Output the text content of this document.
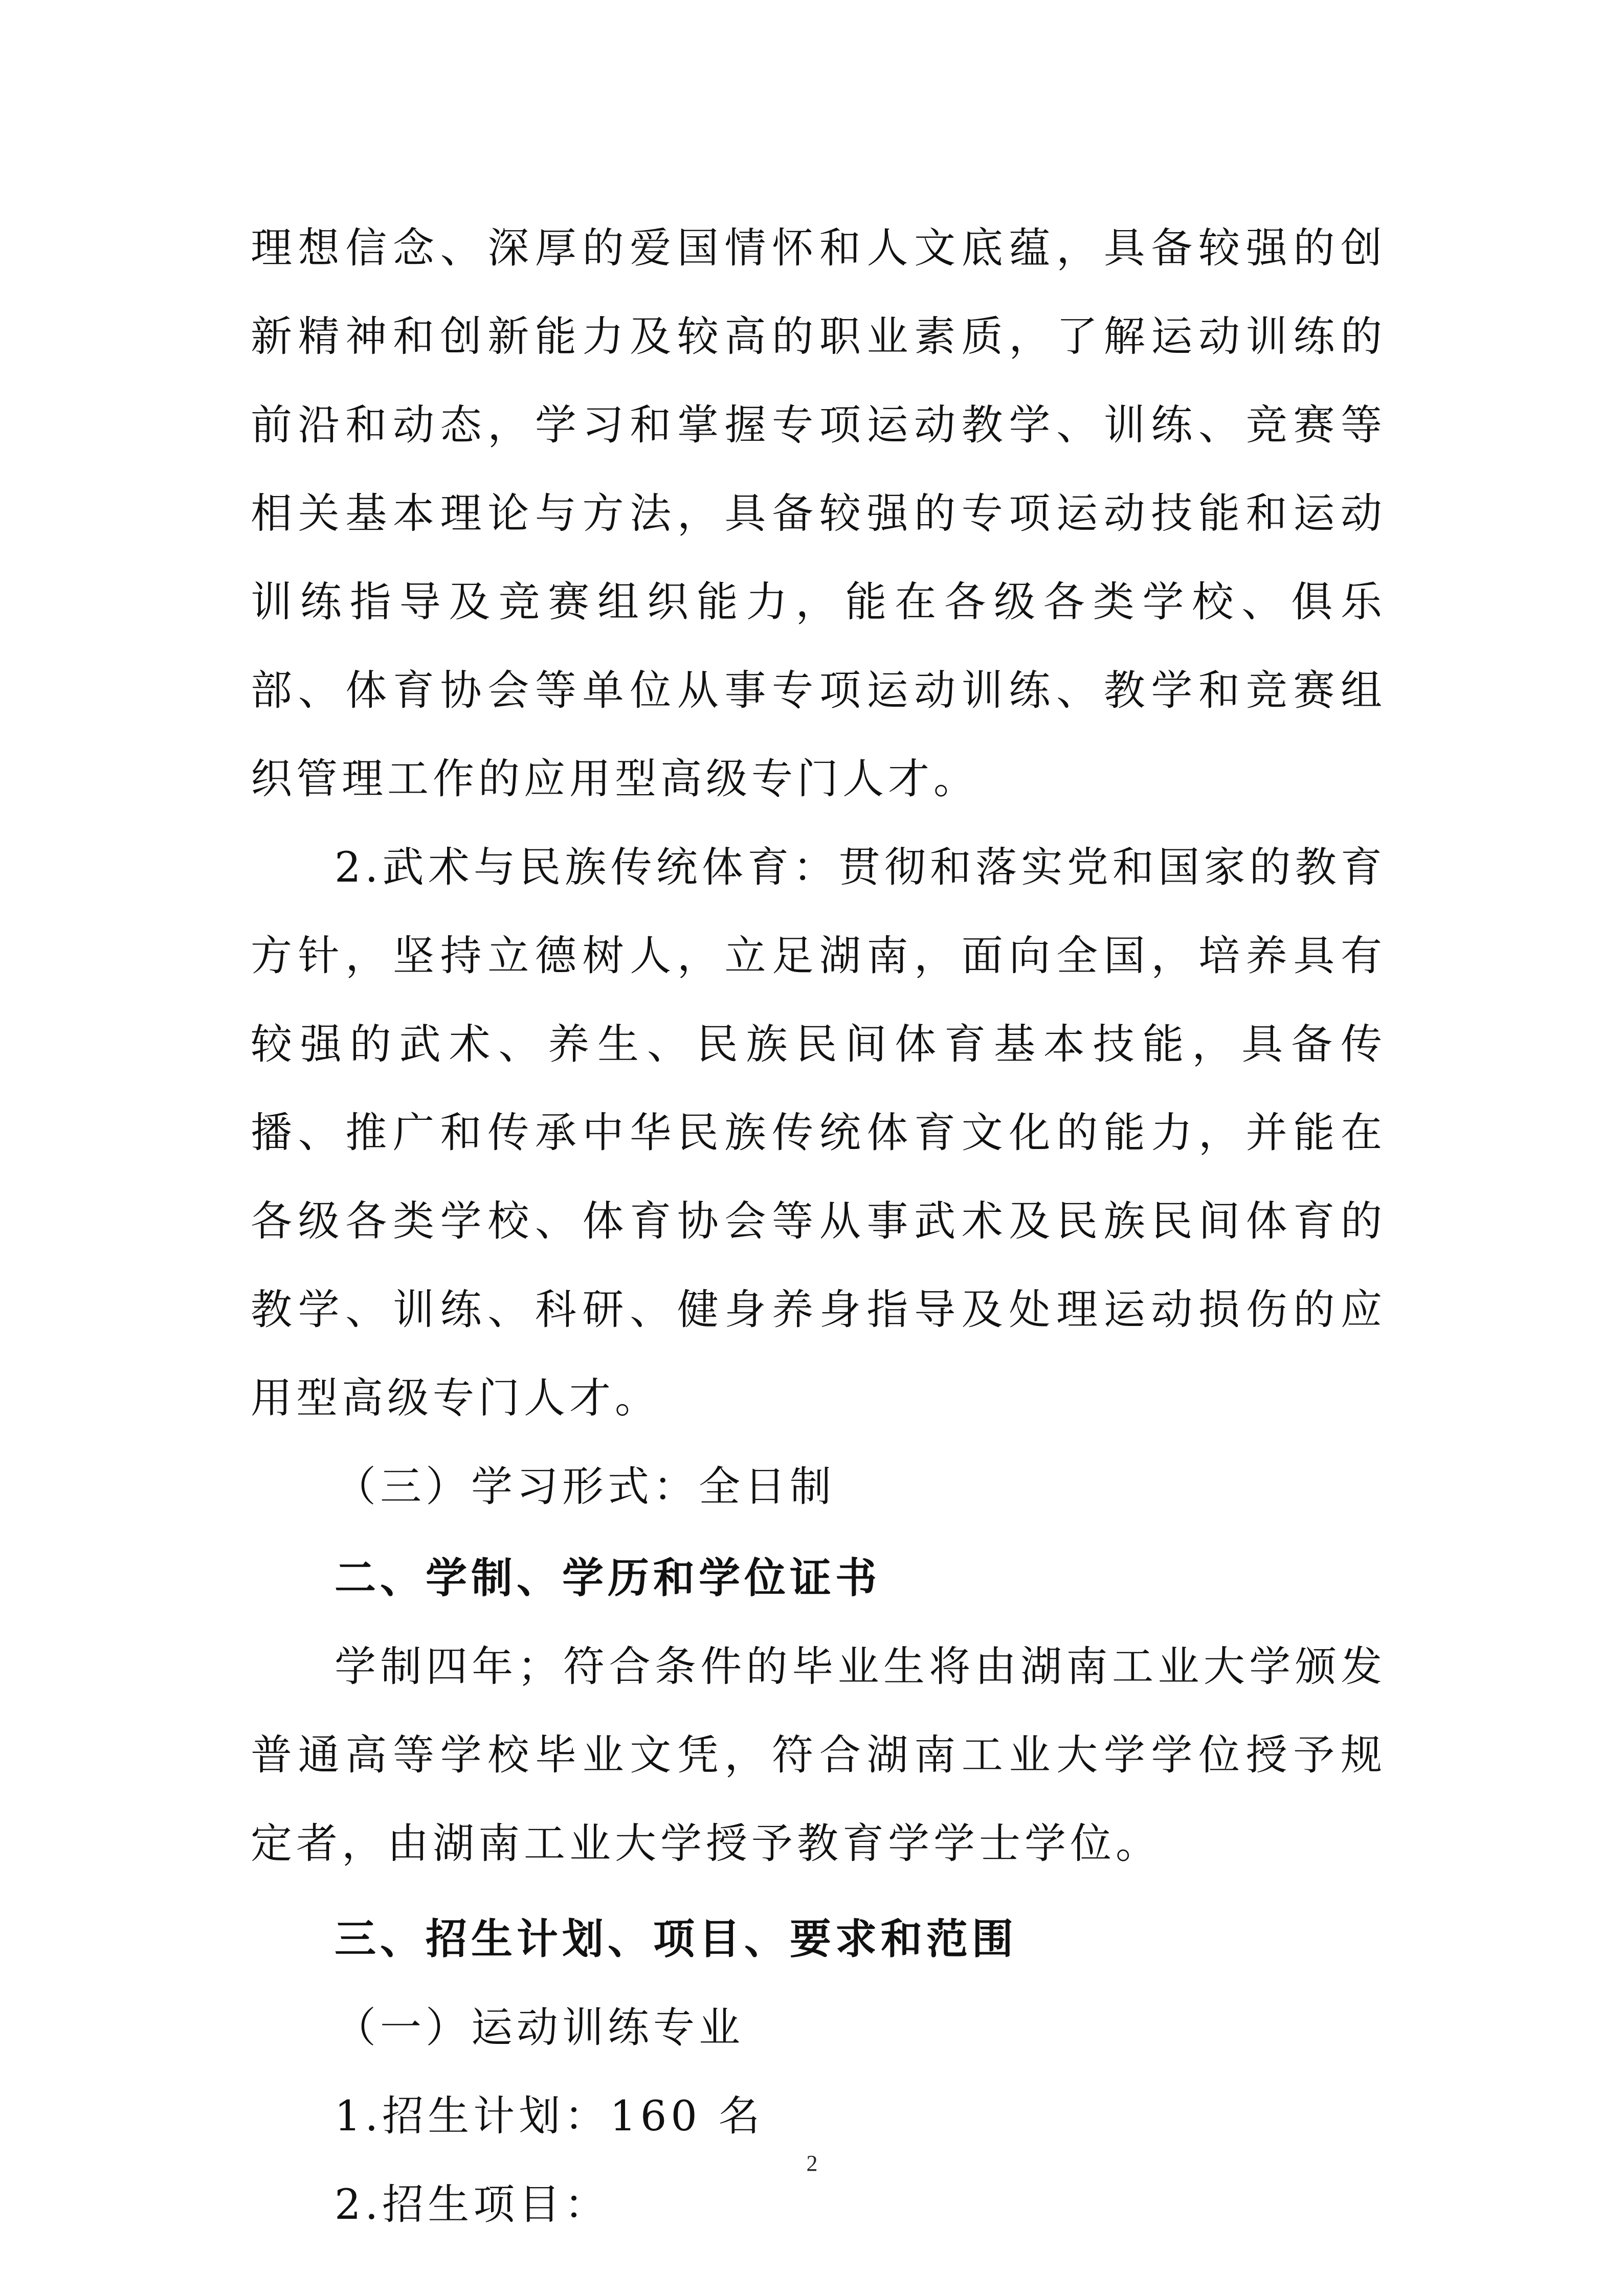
理想信念、深厚的爱国情怀和人文底蕴，具备较强的创新精神和创新能力及较高的职业素质，了解运动训练的前沿和动态，学习和掌握专项运动教学、训练、竞赛等相关基本理论与方法，具备较强的专项运动技能和运动训练指导及竞赛组织能力，能在各级各类学校、俱乐部、体育协会等单位从事专项运动训练、教学和竞赛组织管理工作的应用型高级专门人才。

2.武术与民族传统体育：贯彻和落实党和国家的教育方针，坚持立德树人，立足湖南，面向全国，培养具有较强的武术、养生、民族民间体育基本技能，具备传播、推广和传承中华民族传统体育文化的能力，并能在各级各类学校、体育协会等从事武术及民族民间体育的教学、训练、科研、健身养身指导及处理运动损伤的应用型高级专门人才。

（三）学习形式：全日制

二、学制、学历和学位证书

学制四年；符合条件的毕业生将由湖南工业大学颁发普通高等学校毕业文凭，符合湖南工业大学学位授予规定者，由湖南工业大学授予教育学学士学位。

三、招生计划、项目、要求和范围

（一）运动训练专业

1.招生计划：160 名

2.招生项目：

2
